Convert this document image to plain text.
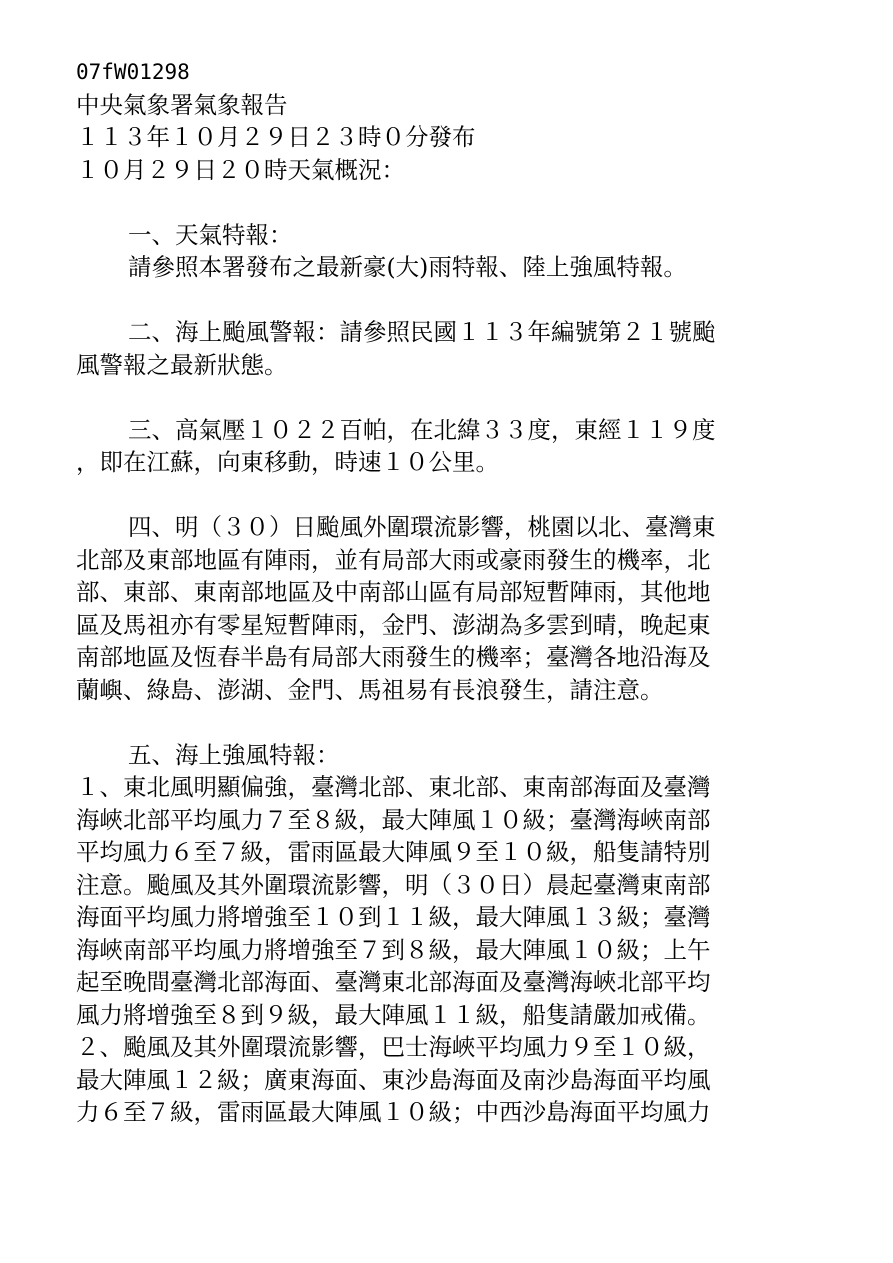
07fW01298
中央氣象署氣象報告
１１３年１０月２９日２３時０分發布
１０月２９日２０時天氣概況：
一、天氣特報：
請參照本署發布之最新豪(大)雨特報、陸上強風特報。
二、海上颱風警報：請參照民國１１３年編號第２１號颱
風警報之最新狀態。
三、高氣壓１０２２百帕，在北緯３３度，東經１１９度
，即在江蘇，向東移動，時速１０公里。
四、明（３０）日颱風外圍環流影響，桃園以北、臺灣東
北部及東部地區有陣雨，並有局部大雨或豪雨發生的機率，北
部、東部、東南部地區及中南部山區有局部短暫陣雨，其他地
區及馬祖亦有零星短暫陣雨，金門、澎湖為多雲到晴，晚起東
南部地區及恆春半島有局部大雨發生的機率；臺灣各地沿海及
蘭嶼、綠島、澎湖、金門、馬祖易有長浪發生，請注意。
五、海上強風特報：
１、東北風明顯偏強，臺灣北部、東北部、東南部海面及臺灣
海峽北部平均風力７至８級，最大陣風１０級；臺灣海峽南部
平均風力６至７級，雷雨區最大陣風９至１０級，船隻請特別
注意。颱風及其外圍環流影響，明（３０日）晨起臺灣東南部
海面平均風力將增強至１０到１１級，最大陣風１３級；臺灣
海峽南部平均風力將增強至７到８級，最大陣風１０級；上午
起至晚間臺灣北部海面、臺灣東北部海面及臺灣海峽北部平均
風力將增強至８到９級，最大陣風１１級，船隻請嚴加戒備。
２、颱風及其外圍環流影響，巴士海峽平均風力９至１０級，
最大陣風１２級；廣東海面、東沙島海面及南沙島海面平均風
力６至７級，雷雨區最大陣風１０級；中西沙島海面平均風力
